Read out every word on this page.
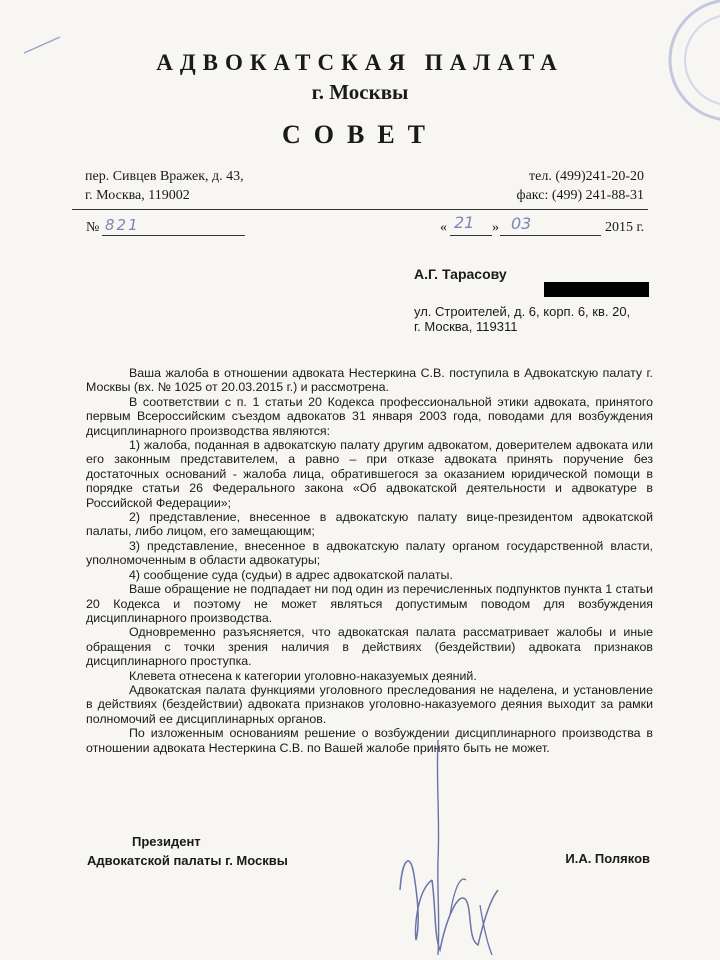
АДВОКАТСКАЯ ПАЛАТА
г. Москвы
СОВЕТ
пер. Сивцев Вражек, д. 43,
г. Москва, 119002
тел. (499)241-20-20
факс: (499) 241-88-31
№ 821	« 21 » 03	2015 г.
А.Г. Тарасову
ул. Строителей, д. 6, корп. 6, кв. 20,
г. Москва, 119311

Ваша жалоба в отношении адвоката Нестеркина С.В. поступила в Адвокатскую палату г. Москвы (вх. № 1025 от 20.03.2015 г.) и рассмотрена.

В соответствии с п. 1 статьи 20 Кодекса профессиональной этики адвоката, принятого первым Всероссийским съездом адвокатов 31 января 2003 года, поводами для возбуждения дисциплинарного производства являются:

1) жалоба, поданная в адвокатскую палату другим адвокатом, доверителем адвоката или его законным представителем, а равно – при отказе адвоката принять поручение без достаточных оснований - жалоба лица, обратившегося за оказанием юридической помощи в порядке статьи 26 Федерального закона «Об адвокатской деятельности и адвокатуре в Российской Федерации»;

2) представление, внесенное в адвокатскую палату вице-президентом адвокатской палаты, либо лицом, его замещающим;

3) представление, внесенное в адвокатскую палату органом государственной власти, уполномоченным в области адвокатуры;

4) сообщение суда (судьи) в адрес адвокатской палаты.

Ваше обращение не подпадает ни под один из перечисленных подпунктов пункта 1 статьи 20 Кодекса и поэтому не может являться допустимым поводом для возбуждения дисциплинарного производства.

Одновременно разъясняется, что адвокатская палата рассматривает жалобы и иные обращения с точки зрения наличия в действиях (бездействии) адвоката признаков дисциплинарного проступка.

Клевета отнесена к категории уголовно-наказуемых деяний.

Адвокатская палата функциями уголовного преследования не наделена, и установление в действиях (бездействии) адвоката признаков уголовно-наказуемого деяния выходит за рамки полномочий ее дисциплинарных органов.

По изложенным основаниям решение о возбуждении дисциплинарного производства в отношении адвоката Нестеркина С.В. по Вашей жалобе принято быть не может.

Президент
Адвокатской палаты г. Москвы	И.А. Поляков
